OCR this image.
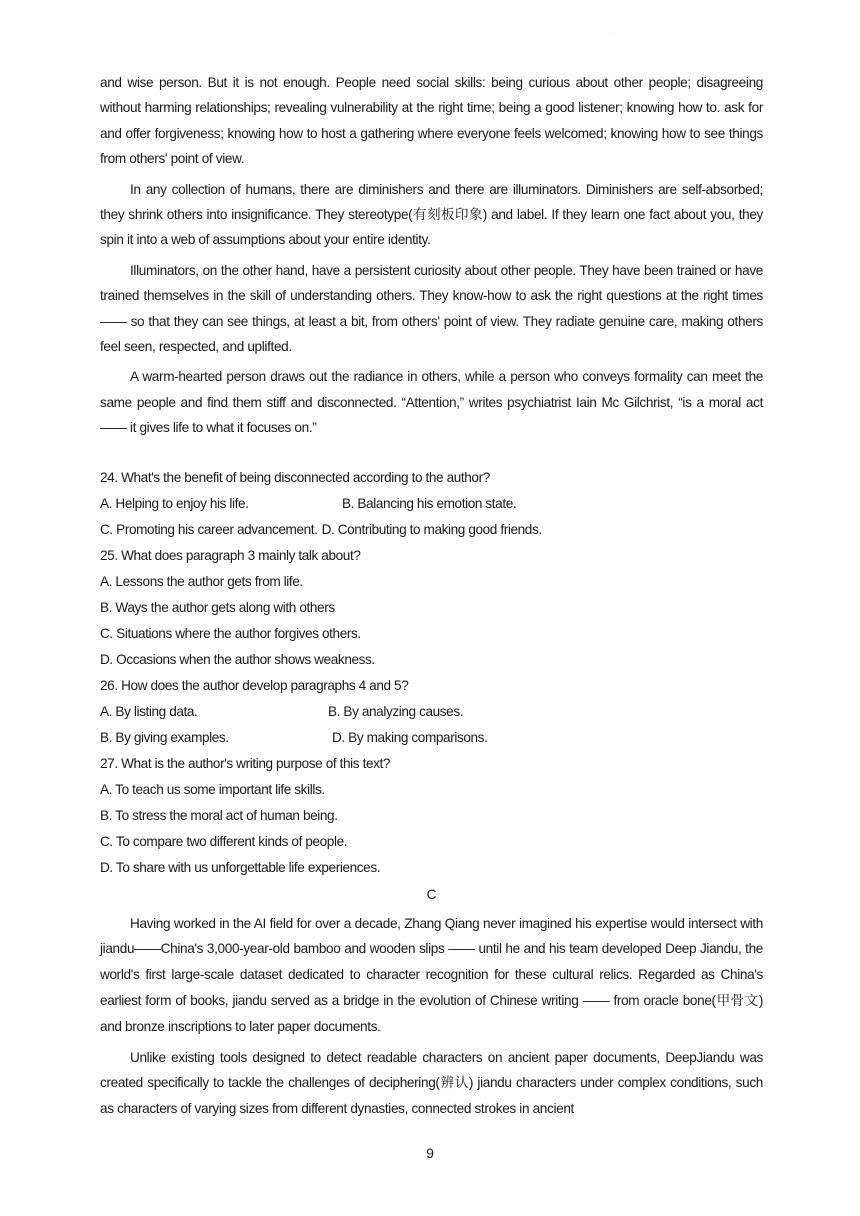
·

and wise person. But it is not enough. People need social skills: being curious about other people; disagreeing without harming relationships; revealing vulnerability at the right time; being a good listener; knowing how to. ask for and offer forgiveness; knowing how to host a gathering where everyone feels welcomed; knowing how to see things from others' point of view.

In any collection of humans, there are diminishers and there are illuminators. Diminishers are self-absorbed; they shrink others into insignificance. They stereotype(有刻板印象) and label. If they learn one fact about you, they spin it into a web of assumptions about your entire identity.

Illuminators, on the other hand, have a persistent curiosity about other people. They have been trained or have trained themselves in the skill of understanding others. They know-how to ask the right questions at the right times —— so that they can see things, at least a bit, from others' point of view. They radiate genuine care, making others feel seen, respected, and uplifted.

A warm-hearted person draws out the radiance in others, while a person who conveys formality can meet the same people and find them stiff and disconnected. “Attention,” writes psychiatrist Iain Mc Gilchrist, “is a moral act —— it gives life to what it focuses on.”

24. What's the benefit of being disconnected according to the author?

A. Helping to enjoy his life.	B. Balancing his emotion state.

C. Promoting his career advancement. D. Contributing to making good friends.

25. What does paragraph 3 mainly talk about?

A. Lessons the author gets from life.

B. Ways the author gets along with others

C. Situations where the author forgives others.

D. Occasions when the author shows weakness.

26. How does the author develop paragraphs 4 and 5?

A. By listing data.	B. By analyzing causes.

B. By giving examples.	D. By making comparisons.

27. What is the author's writing purpose of this text?

A. To teach us some important life skills.

B. To stress the moral act of human being.

C. To compare two different kinds of people.

D. To share with us unforgettable life experiences.

C

Having worked in the AI field for over a decade, Zhang Qiang never imagined his expertise would intersect with jiandu——China's 3,000-year-old bamboo and wooden slips —— until he and his team developed Deep Jiandu, the world's first large-scale dataset dedicated to character recognition for these cultural relics. Regarded as China's earliest form of books, jiandu served as a bridge in the evolution of Chinese writing —— from oracle bone(甲骨文) and bronze inscriptions to later paper documents.

Unlike existing tools designed to detect readable characters on ancient paper documents, DeepJiandu was created specifically to tackle the challenges of deciphering(辨认) jiandu characters under complex conditions, such as characters of varying sizes from different dynasties, connected strokes in ancient

9
